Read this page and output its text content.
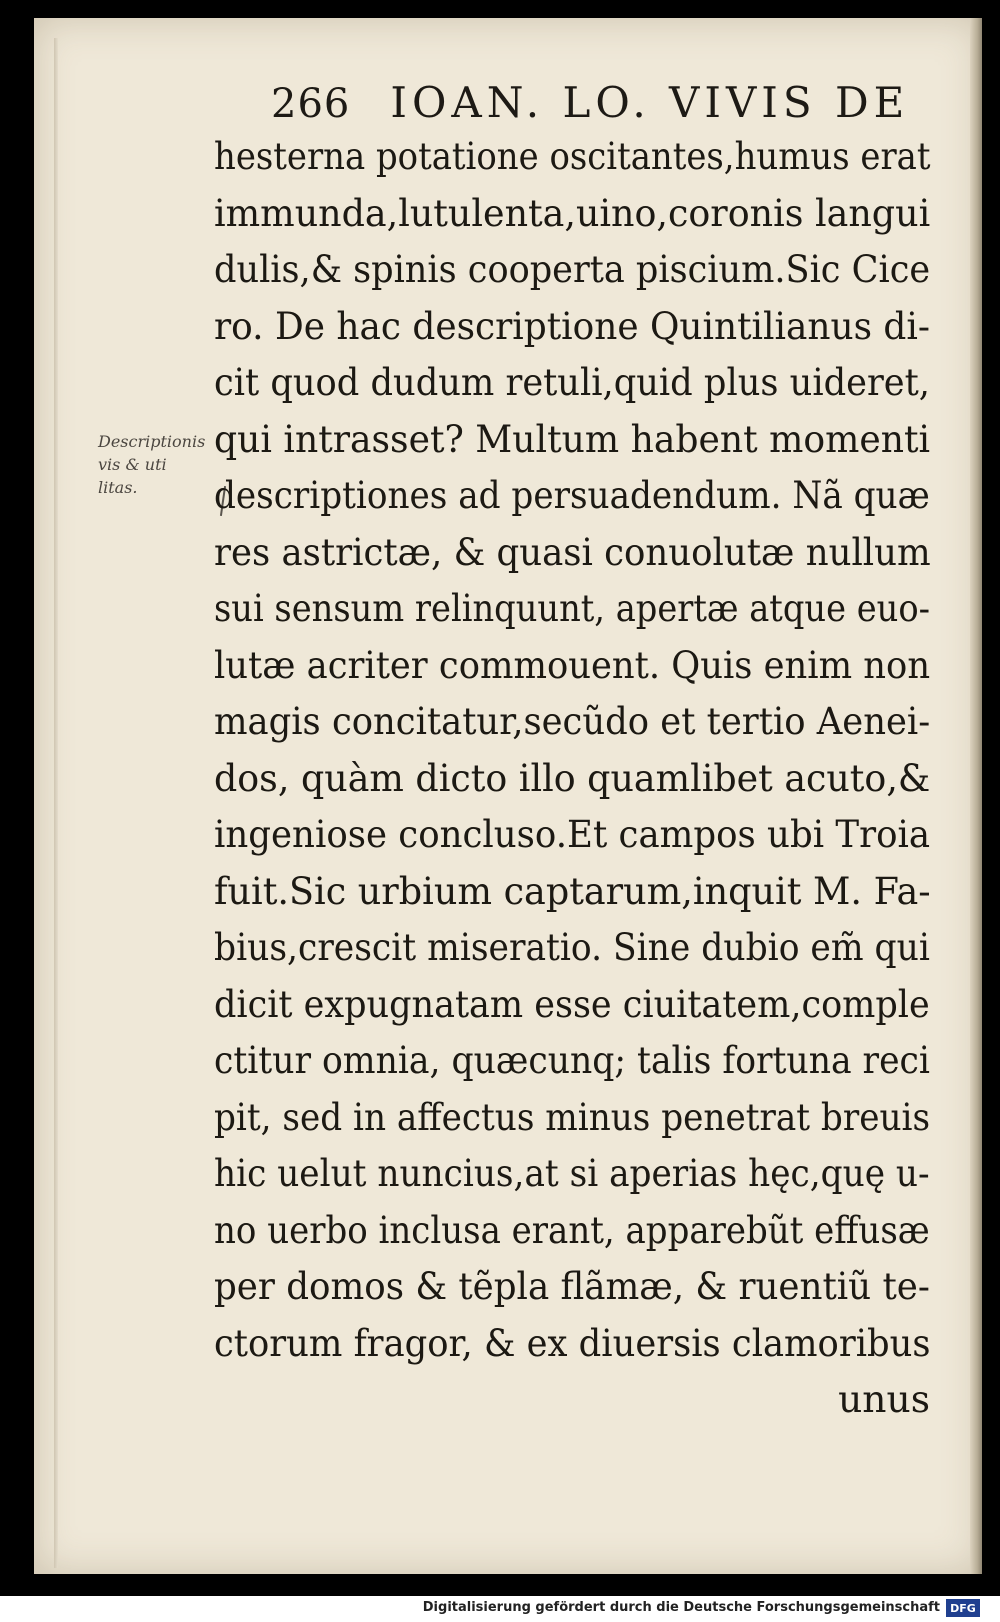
266 IOAN. LO. VIVIS DE
Descriptionis
vis & uti
litas.
hesterna potatione oscitantes,humus erat
immunda,lutulenta,uino,coronis langui
dulis,& spinis cooperta piscium.Sic Cice
ro. De hac descriptione Quintilianus di-
cit quod dudum retuli,quid plus uideret,
qui intrasset? Multum habent momenti
descriptiones ad persuadendum. Nã quæ
res astrictæ, & quasi conuolutæ nullum
sui sensum relinquunt, apertæ atque euo-
lutæ acriter commouent. Quis enim non
magis concitatur,secũdo et tertio Aenei-
dos, quàm dicto illo quamlibet acuto,&
ingeniose concluso.Et campos ubi Troia
fuit.Sic urbium captarum,inquit M. Fa-
bius,crescit miseratio. Sine dubio em̃ qui
dicit expugnatam esse ciuitatem,comple
ctitur omnia, quæcunq; talis fortuna reci
pit, sed in affectus minus penetrat breuis
hic uelut nuncius,at si aperias hęc,quę u-
no uerbo inclusa erant, apparebũt effusæ
per domos & tẽpla flãmæ, & ruentiũ te-
ctorum fragor, & ex diuersis clamoribus
unus
Digitalisierung gefördert durch die Deutsche Forschungsgemeinschaft DFG
